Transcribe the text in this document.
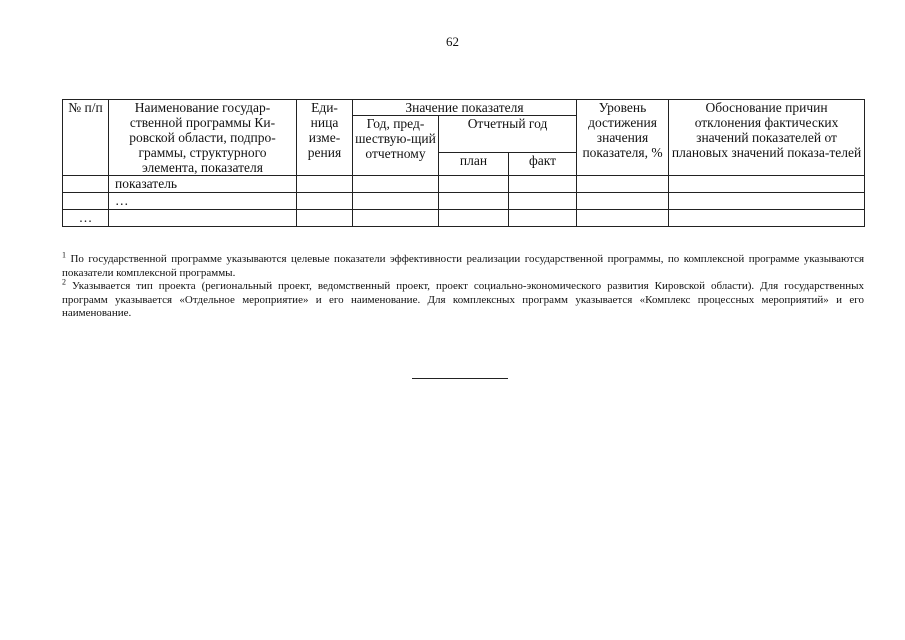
62
№ п/п	Наименование государ-ственной программы Ки-ровской области, подпро-граммы, структурного элемента, показателя	Еди-ница изме-рения	Значение показателя			Уровень достижения значения показателя, %	Обоснование причин отклонения фактических значений показателей от плановых значений показа-телей
			Год, пред-шествую-щий отчетному	Отчетный год			
				план	факт		
	показатель						
	…						
…							

$^1$ По государственной программе указываются целевые показатели эффективности реализации государственной программы, по комплексной программе указываются показатели комплексной программы.

$^2$ Указывается тип проекта (региональный проект, ведомственный проект, проект социально-экономического развития Кировской области). Для государственных программ указывается «Отдельное мероприятие» и его наименование. Для комплексных программ указывается «Комплекс процессных мероприятий» и его наименование.
